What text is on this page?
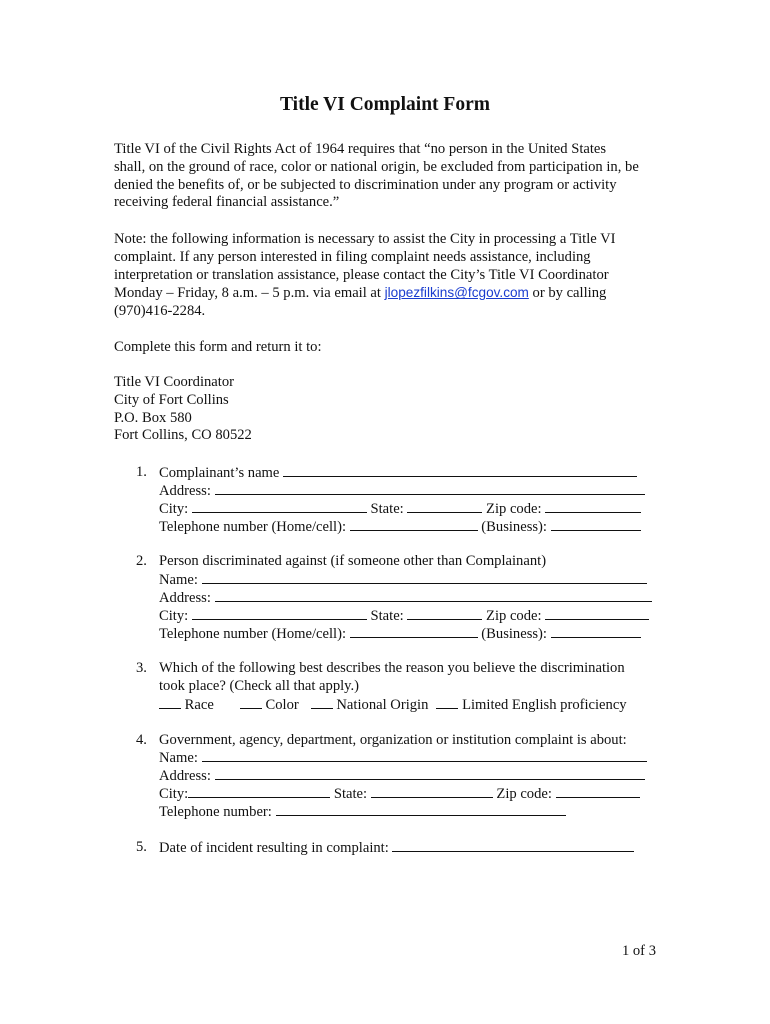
Title VI Complaint Form
Title VI of the Civil Rights Act of 1964 requires that “no person in the United States
shall, on the ground of race, color or national origin, be excluded from participation in, be
denied the benefits of, or be subjected to discrimination under any program or activity
receiving federal financial assistance.”
Note: the following information is necessary to assist the City in processing a Title VI
complaint. If any person interested in filing complaint needs assistance, including
interpretation or translation assistance, please contact the City’s Title VI Coordinator
Monday – Friday, 8 a.m. – 5 p.m. via email at jlopezfilkins@fcgov.com or by calling
(970)416-2284.
Complete this form and return it to:
Title VI Coordinator
City of Fort Collins
P.O. Box 580
Fort Collins, CO 80522
1. Complainant’s name
Address:
City:	State:	Zip code:
Telephone number (Home/cell):	(Business):
2. Person discriminated against (if someone other than Complainant)
Name:
Address:
City:	State:	Zip code:
Telephone number (Home/cell):	(Business):
3. Which of the following best describes the reason you believe the discrimination
took place? (Check all that apply.)
Race	Color	National Origin Limited English proficiency
4. Government, agency, department, organization or institution complaint is about:
Name:
Address:
City:	State:	Zip code:
Telephone number:
5. Date of incident resulting in complaint:
1 of 3
